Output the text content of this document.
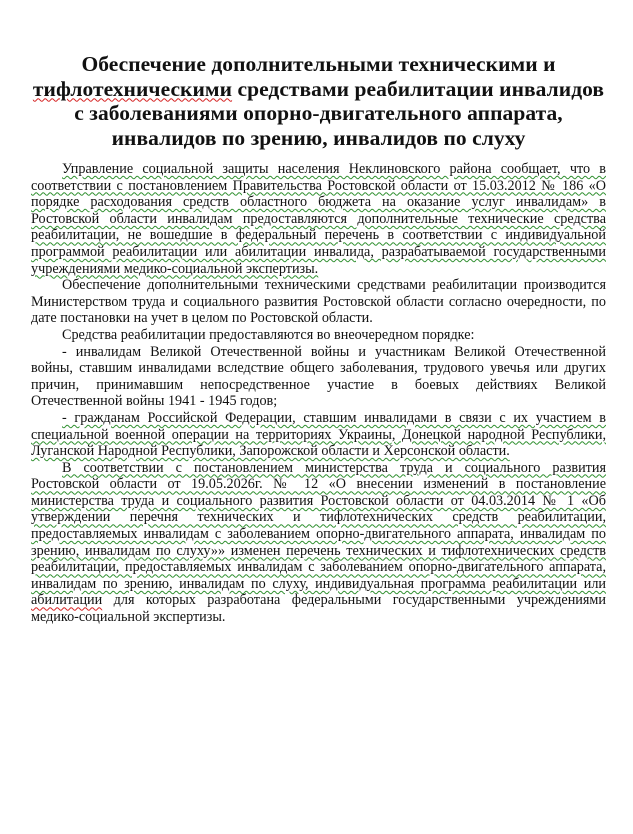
Обеспечение дополнительными техническими и тифлотехническими средствами реабилитации инвалидов с заболеваниями опорно-двигательного аппарата, инвалидов по зрению, инвалидов по слуху

Управление социальной защиты населения Неклиновского района сообщает, что в соответствии с постановлением Правительства Ростовской области от 15.03.2012 № 186 «О порядке расходования средств областного бюджета на оказание услуг инвалидам» в Ростовской области инвалидам предоставляются дополнительные технические средства реабилитации, не вошедшие в федеральный перечень в соответствии с индивидуальной программой реабилитации или абилитации инвалида, разрабатываемой государственными учреждениями медико-социальной экспертизы.

Обеспечение дополнительными техническими средствами реабилитации производится Министерством труда и социального развития Ростовской области согласно очередности, по дате постановки на учет в целом по Ростовской области.

Средства реабилитации предоставляются во внеочередном порядке:

- инвалидам Великой Отечественной войны и участникам Великой Отечественной войны, ставшим инвалидами вследствие общего заболевания, трудового увечья или других причин, принимавшим непосредственное участие в боевых действиях Великой Отечественной войны 1941 - 1945 годов;

- гражданам Российской Федерации, ставшим инвалидами в связи с их участием в специальной военной операции на территориях Украины, Донецкой народной Республики, Луганской Народной Республики, Запорожской области и Херсонской области.

В соответствии с постановлением министерства труда и социального развития Ростовской области от 19.05.2026г. № 12 «О внесении изменений в постановление министерства труда и социального развития Ростовской области от 04.03.2014 № 1 «Об утверждении перечня технических и тифлотехнических средств реабилитации, предоставляемых инвалидам с заболеванием опорно-двигательного аппарата, инвалидам по зрению, инвалидам по слуху»» изменен перечень технических и тифлотехнических средств реабилитации, предоставляемых инвалидам с заболеванием опорно-двигательного аппарата, инвалидам по зрению, инвалидам по слуху, индивидуальная программа реабилитации или абилитации для которых разработана федеральными государственными учреждениями медико-социальной экспертизы.
